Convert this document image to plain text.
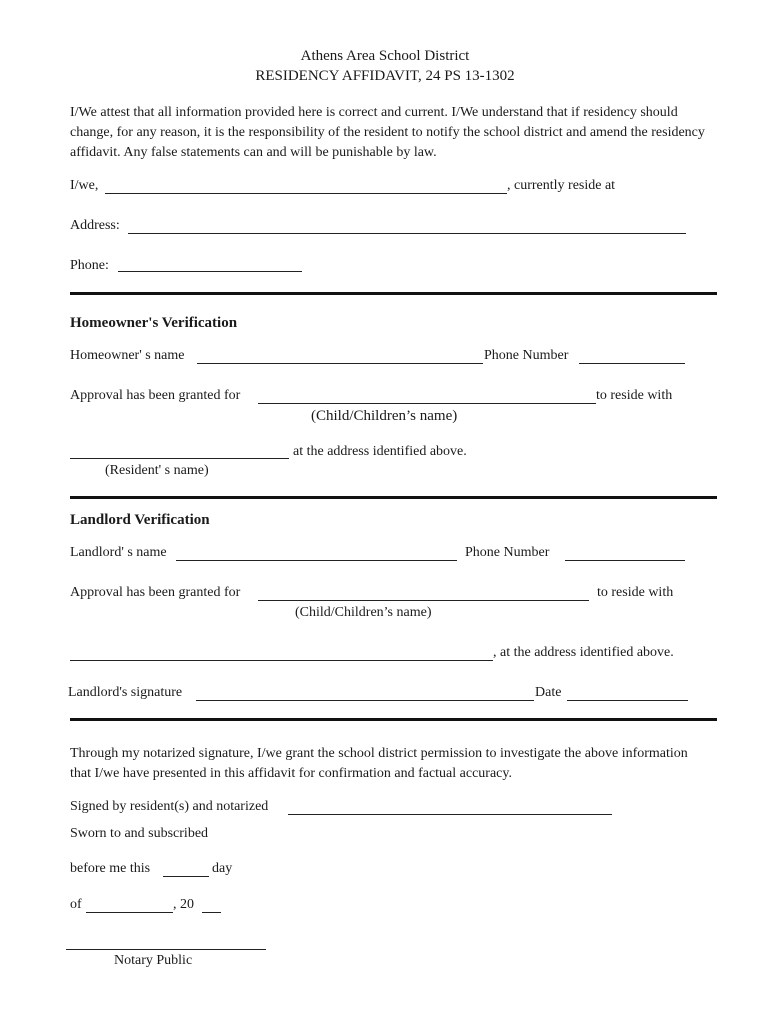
Athens Area School District
RESIDENCY AFFIDAVIT, 24 PS 13-1302
I/We attest that all information provided here is correct and current. I/We understand that if residency should change, for any reason, it is the responsibility of the resident to notify the school district and amend the residency affidavit. Any false statements can and will be punishable by law.
I/we,	, currently reside at
Address:
Phone:
Homeowner's Verification
Homeowner' s name	Phone Number
Approval has been granted for	to reside with
(Child/Children’s name)
at the address identified above.
(Resident' s name)
Landlord Verification
Landlord' s name	Phone Number
Approval has been granted for	to reside with
(Child/Children’s name)
, at the address identified above.
Landlord's signature	Date
Through my notarized signature, I/we grant the school district permission to investigate the above information that I/we have presented in this affidavit for confirmation and factual accuracy.
Signed by resident(s) and notarized
Sworn to and subscribed
before me this	day
of	, 20
Notary Public
